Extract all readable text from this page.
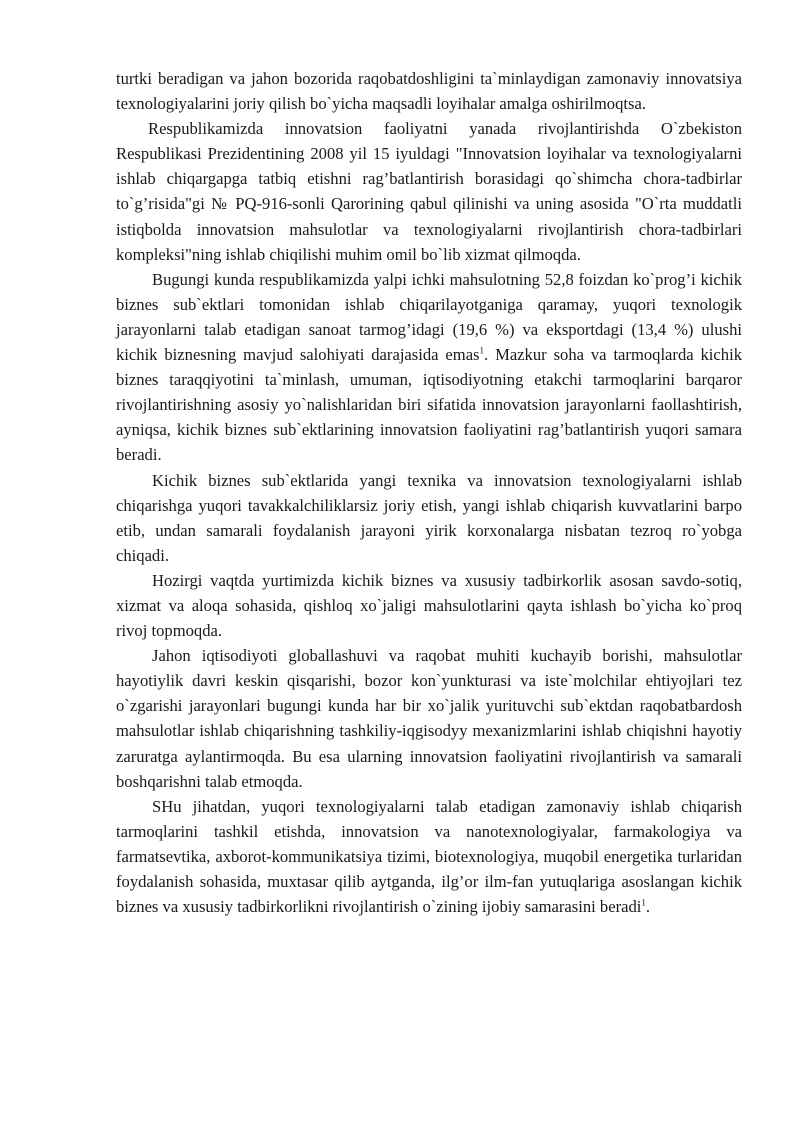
turtki beradigan va jahon bozorida raqobatdoshligini ta`minlaydigan zamonaviy innovatsiya texnologiyalarini joriy qilish bo`yicha maqsadli loyihalar amalga oshirilmoqtsa.

Respublikamizda innovatsion faoliyatni yanada rivojlantirishda O`zbekiston Respublikasi Prezidentining 2008 yil 15 iyuldagi "Innovatsion loyihalar va texnologiyalarni ishlab chiqargapga tatbiq etishni rag’batlantirish borasidagi qo`shimcha chora-tadbirlar to`g’risida"gi № PQ-916-sonli Qarorining qabul qilinishi va uning asosida "O`rta muddatli istiqbolda innovatsion mahsulotlar va texnologiyalarni rivojlantirish chora-tadbirlari kompleksi"ning ishlab chiqilishi muhim omil bo`lib xizmat qilmoqda.

Bugungi kunda respublikamizda yalpi ichki mahsulotning 52,8 foizdan ko`prog’i kichik biznes sub`ektlari tomonidan ishlab chiqarilayotganiga qaramay, yuqori texnologik jarayonlarni talab etadigan sanoat tarmog’idagi (19,6 %) va eksportdagi (13,4 %) ulushi kichik biznesning mavjud salohiyati darajasida emas$^1$. Mazkur soha va tarmoqlarda kichik biznes taraqqiyotini ta`minlash, umuman, iqtisodiyotning etakchi tarmoqlarini barqaror rivojlantirishning asosiy yo`nalishlaridan biri sifatida innovatsion jarayonlarni faollashtirish, ayniqsa, kichik biznes sub`ektlarining innovatsion faoliyatini rag’batlantirish yuqori samara beradi.

Kichik biznes sub`ektlarida yangi texnika va innovatsion texnologiyalarni ishlab chiqarishga yuqori tavakkalchiliklarsiz joriy etish, yangi ishlab chiqarish kuvvatlarini barpo etib, undan samarali foydalanish jarayoni yirik korxonalarga nisbatan tezroq ro`yobga chiqadi.

Hozirgi vaqtda yurtimizda kichik biznes va xususiy tadbirkorlik asosan savdo-sotiq, xizmat va aloqa sohasida, qishloq xo`jaligi mahsulotlarini qayta ishlash bo`yicha ko`proq rivoj topmoqda.

Jahon iqtisodiyoti globallashuvi va raqobat muhiti kuchayib borishi, mahsulotlar hayotiylik davri keskin qisqarishi, bozor kon`yunkturasi va iste`molchilar ehtiyojlari tez o`zgarishi jarayonlari bugungi kunda har bir xo`jalik yurituvchi sub`ektdan raqobatbardosh mahsulotlar ishlab chiqarishning tashkiliy-iqgisodyy mexanizmlarini ishlab chiqishni hayotiy zaruratga aylantirmoqda. Bu esa ularning innovatsion faoliyatini rivojlantirish va samarali boshqarishni talab etmoqda.

SHu jihatdan, yuqori texnologiyalarni talab etadigan zamonaviy ishlab chiqarish tarmoqlarini tashkil etishda, innovatsion va nanotexnologiyalar, farmakologiya va farmatsevtika, axborot-kommunikatsiya tizimi, biotexnologiya, muqobil energetika turlaridan foydalanish sohasida, muxtasar qilib aytganda, ilg’or ilm-fan yutuqlariga asoslangan kichik biznes va xususiy tadbirkorlikni rivojlantirish o`zining ijobiy samarasini beradi$^1$.
